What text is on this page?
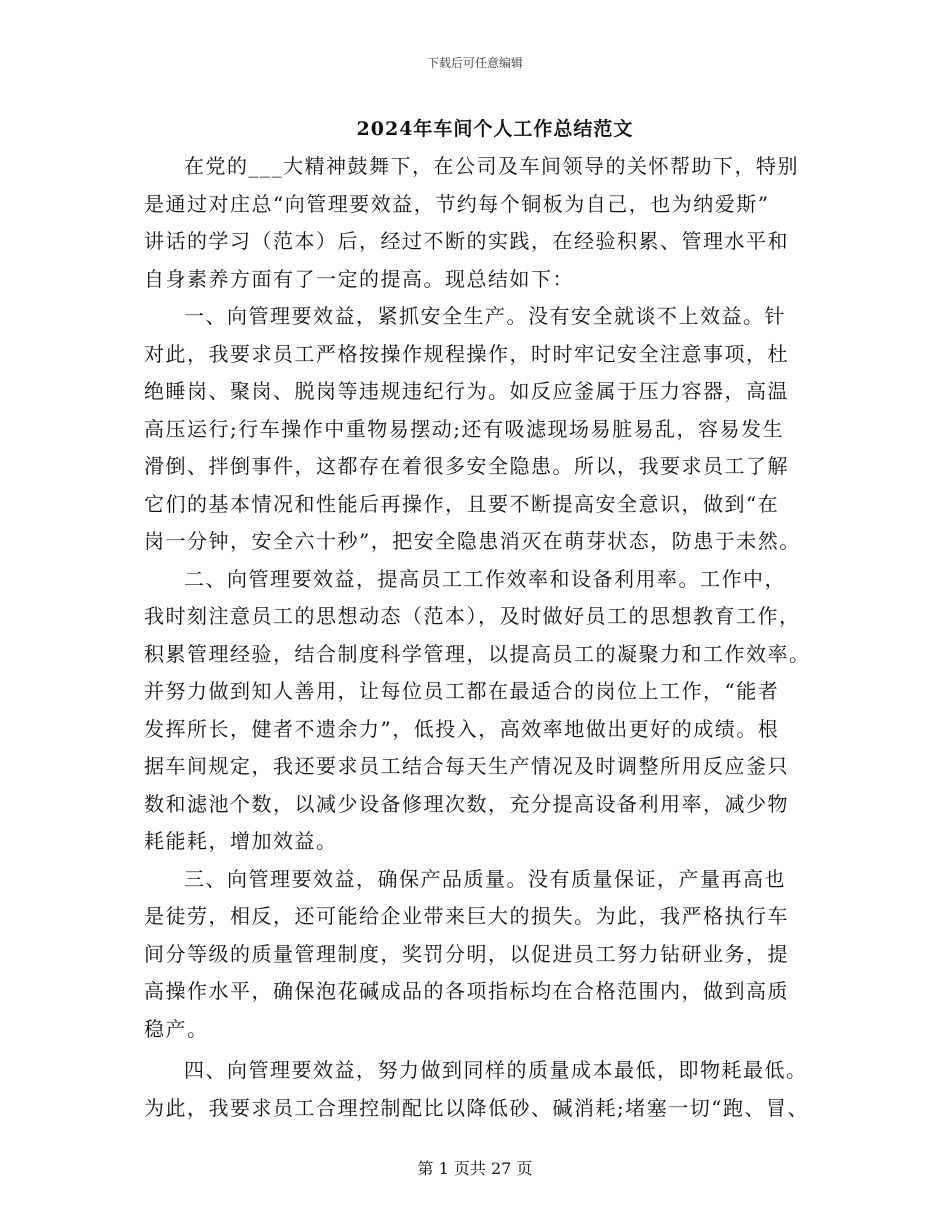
下载后可任意编辑
2024年车间个人工作总结范文
在党的___大精神鼓舞下，在公司及车间领导的关怀帮助下，特别
是通过对庄总“向管理要效益，节约每个铜板为自己，也为纳爱斯”
讲话的学习（范本）后，经过不断的实践，在经验积累、管理水平和
自身素养方面有了一定的提高。现总结如下：
一、向管理要效益，紧抓安全生产。没有安全就谈不上效益。针
对此，我要求员工严格按操作规程操作，时时牢记安全注意事项，杜
绝睡岗、聚岗、脱岗等违规违纪行为。如反应釜属于压力容器，高温
高压运行;行车操作中重物易摆动;还有吸滤现场易脏易乱，容易发生
滑倒、拌倒事件，这都存在着很多安全隐患。所以，我要求员工了解
它们的基本情况和性能后再操作，且要不断提高安全意识，做到“在
岗一分钟，安全六十秒”，把安全隐患消灭在萌芽状态，防患于未然。
二、向管理要效益，提高员工工作效率和设备利用率。工作中，
我时刻注意员工的思想动态（范本），及时做好员工的思想教育工作，
积累管理经验，结合制度科学管理，以提高员工的凝聚力和工作效率。
并努力做到知人善用，让每位员工都在最适合的岗位上工作，“能者
发挥所长，健者不遗余力”，低投入，高效率地做出更好的成绩。根
据车间规定，我还要求员工结合每天生产情况及时调整所用反应釜只
数和滤池个数，以减少设备修理次数，充分提高设备利用率，减少物
耗能耗，增加效益。
三、向管理要效益，确保产品质量。没有质量保证，产量再高也
是徒劳，相反，还可能给企业带来巨大的损失。为此，我严格执行车
间分等级的质量管理制度，奖罚分明，以促进员工努力钻研业务，提
高操作水平，确保泡花碱成品的各项指标均在合格范围内，做到高质
稳产。
四、向管理要效益，努力做到同样的质量成本最低，即物耗最低。
为此，我要求员工合理控制配比以降低砂、碱消耗;堵塞一切“跑、冒、
第 1 页共 27 页
